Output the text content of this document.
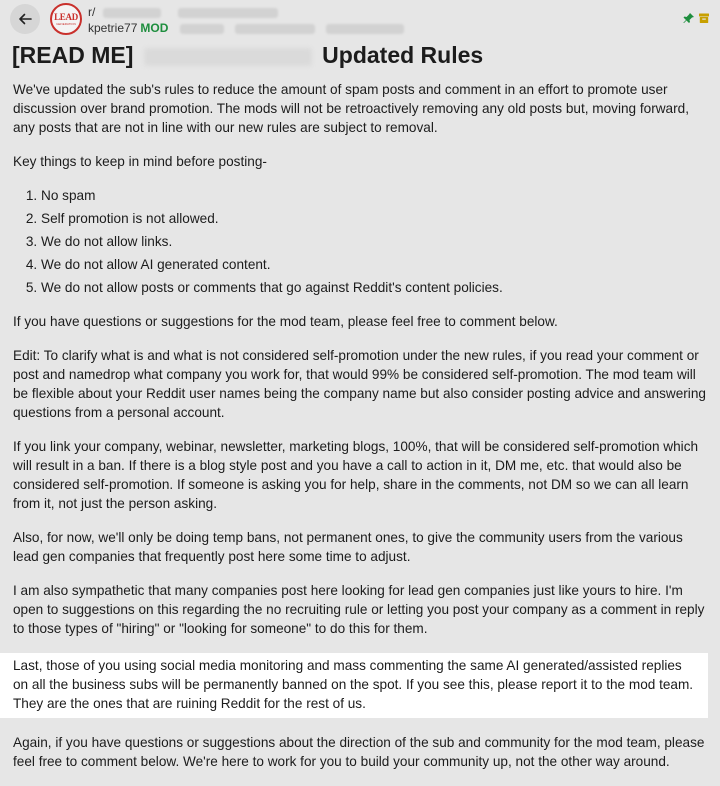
LEAD
GENERATION
r/
kpetrie77 MOD
[READ ME]	Updated Rules

We've updated the sub's rules to reduce the amount of spam posts and comment in an effort to promote user discussion over brand promotion. The mods will not be retroactively removing any old posts but, moving forward, any posts that are not in line with our new rules are subject to removal.

Key things to keep in mind before posting-

1. No spam
2. Self promotion is not allowed.
3. We do not allow links.
4. We do not allow AI generated content.
5. We do not allow posts or comments that go against Reddit's content policies.

If you have questions or suggestions for the mod team, please feel free to comment below.

Edit: To clarify what is and what is not considered self-promotion under the new rules, if you read your comment or post and namedrop what company you work for, that would 99% be considered self-promotion. The mod team will be flexible about your Reddit user names being the company name but also consider posting advice and answering questions from a personal account.

If you link your company, webinar, newsletter, marketing blogs, 100%, that will be considered self-promotion which will result in a ban. If there is a blog style post and you have a call to action in it, DM me, etc. that would also be considered self-promotion. If someone is asking you for help, share in the comments, not DM so we can all learn from it, not just the person asking.

Also, for now, we'll only be doing temp bans, not permanent ones, to give the community users from the various lead gen companies that frequently post here some time to adjust.

I am also sympathetic that many companies post here looking for lead gen companies just like yours to hire. I'm open to suggestions on this regarding the no recruiting rule or letting you post your company as a comment in reply to those types of "hiring" or "looking for someone" to do this for them.

Last, those of you using social media monitoring and mass commenting the same AI generated/assisted replies on all the business subs will be permanently banned on the spot. If you see this, please report it to the mod team. They are the ones that are ruining Reddit for the rest of us.

Again, if you have questions or suggestions about the direction of the sub and community for the mod team, please feel free to comment below. We're here to work for you to build your community up, not the other way around.
